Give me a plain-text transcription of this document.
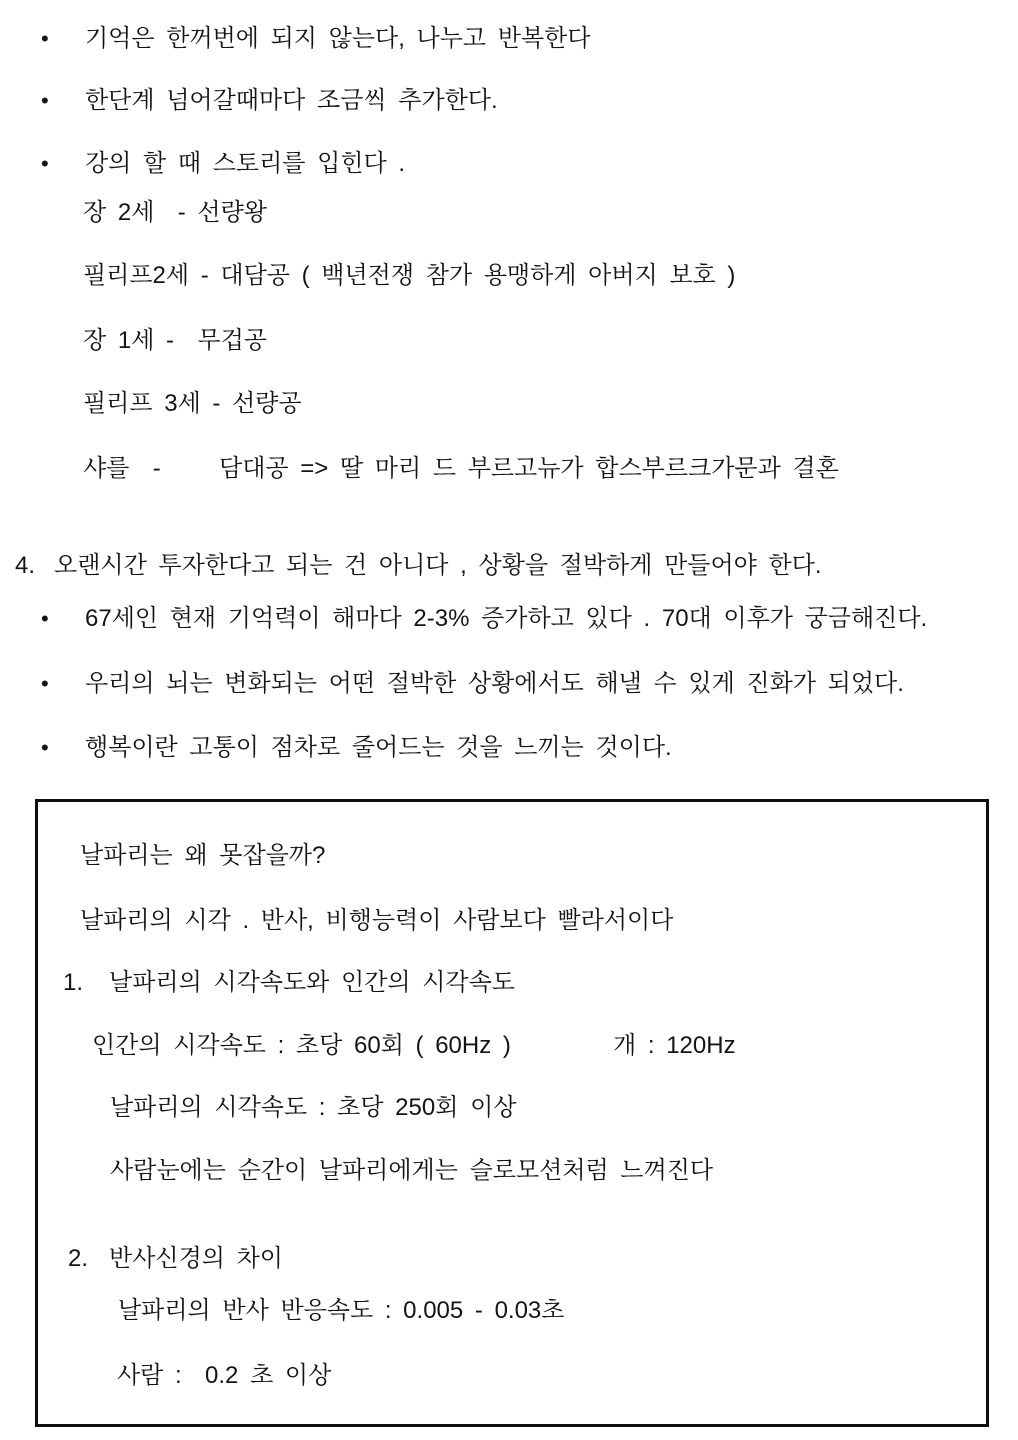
• 기억은 한꺼번에 되지 않는다, 나누고 반복한다
• 한단계 넘어갈때마다 조금씩 추가한다.
• 강의 할 때 스토리를 입힌다 .
장 2세  - 선량왕
필리프2세 - 대담공 ( 백년전쟁 참가 용맹하게 아버지 보호 )
장 1세 -  무겁공
필리프 3세 - 선량공
샤를  -     담대공 => 딸 마리 드 부르고뉴가 합스부르크가문과 결혼
4. 오랜시간 투자한다고 되는 건 아니다 , 상황을 절박하게 만들어야 한다.
• 67세인 현재 기억력이 해마다 2-3% 증가하고 있다 . 70대 이후가 궁금해진다.
• 우리의 뇌는 변화되는 어떤 절박한 상황에서도 해낼 수 있게 진화가 되었다.
• 행복이란 고통이 점차로 줄어드는 것을 느끼는 것이다.
날파리는 왜 못잡을까?
날파리의 시각 . 반사, 비행능력이 사람보다 빨라서이다
1. 날파리의 시각속도와 인간의 시각속도
인간의 시각속도 : 초당 60회 ( 60Hz )	개 : 120Hz
날파리의 시각속도 : 초당 250회 이상
사람눈에는 순간이 날파리에게는 슬로모션처럼 느껴진다
2. 반사신경의 차이
날파리의 반사 반응속도 : 0.005 - 0.03초
사람 :  0.2 초 이상
